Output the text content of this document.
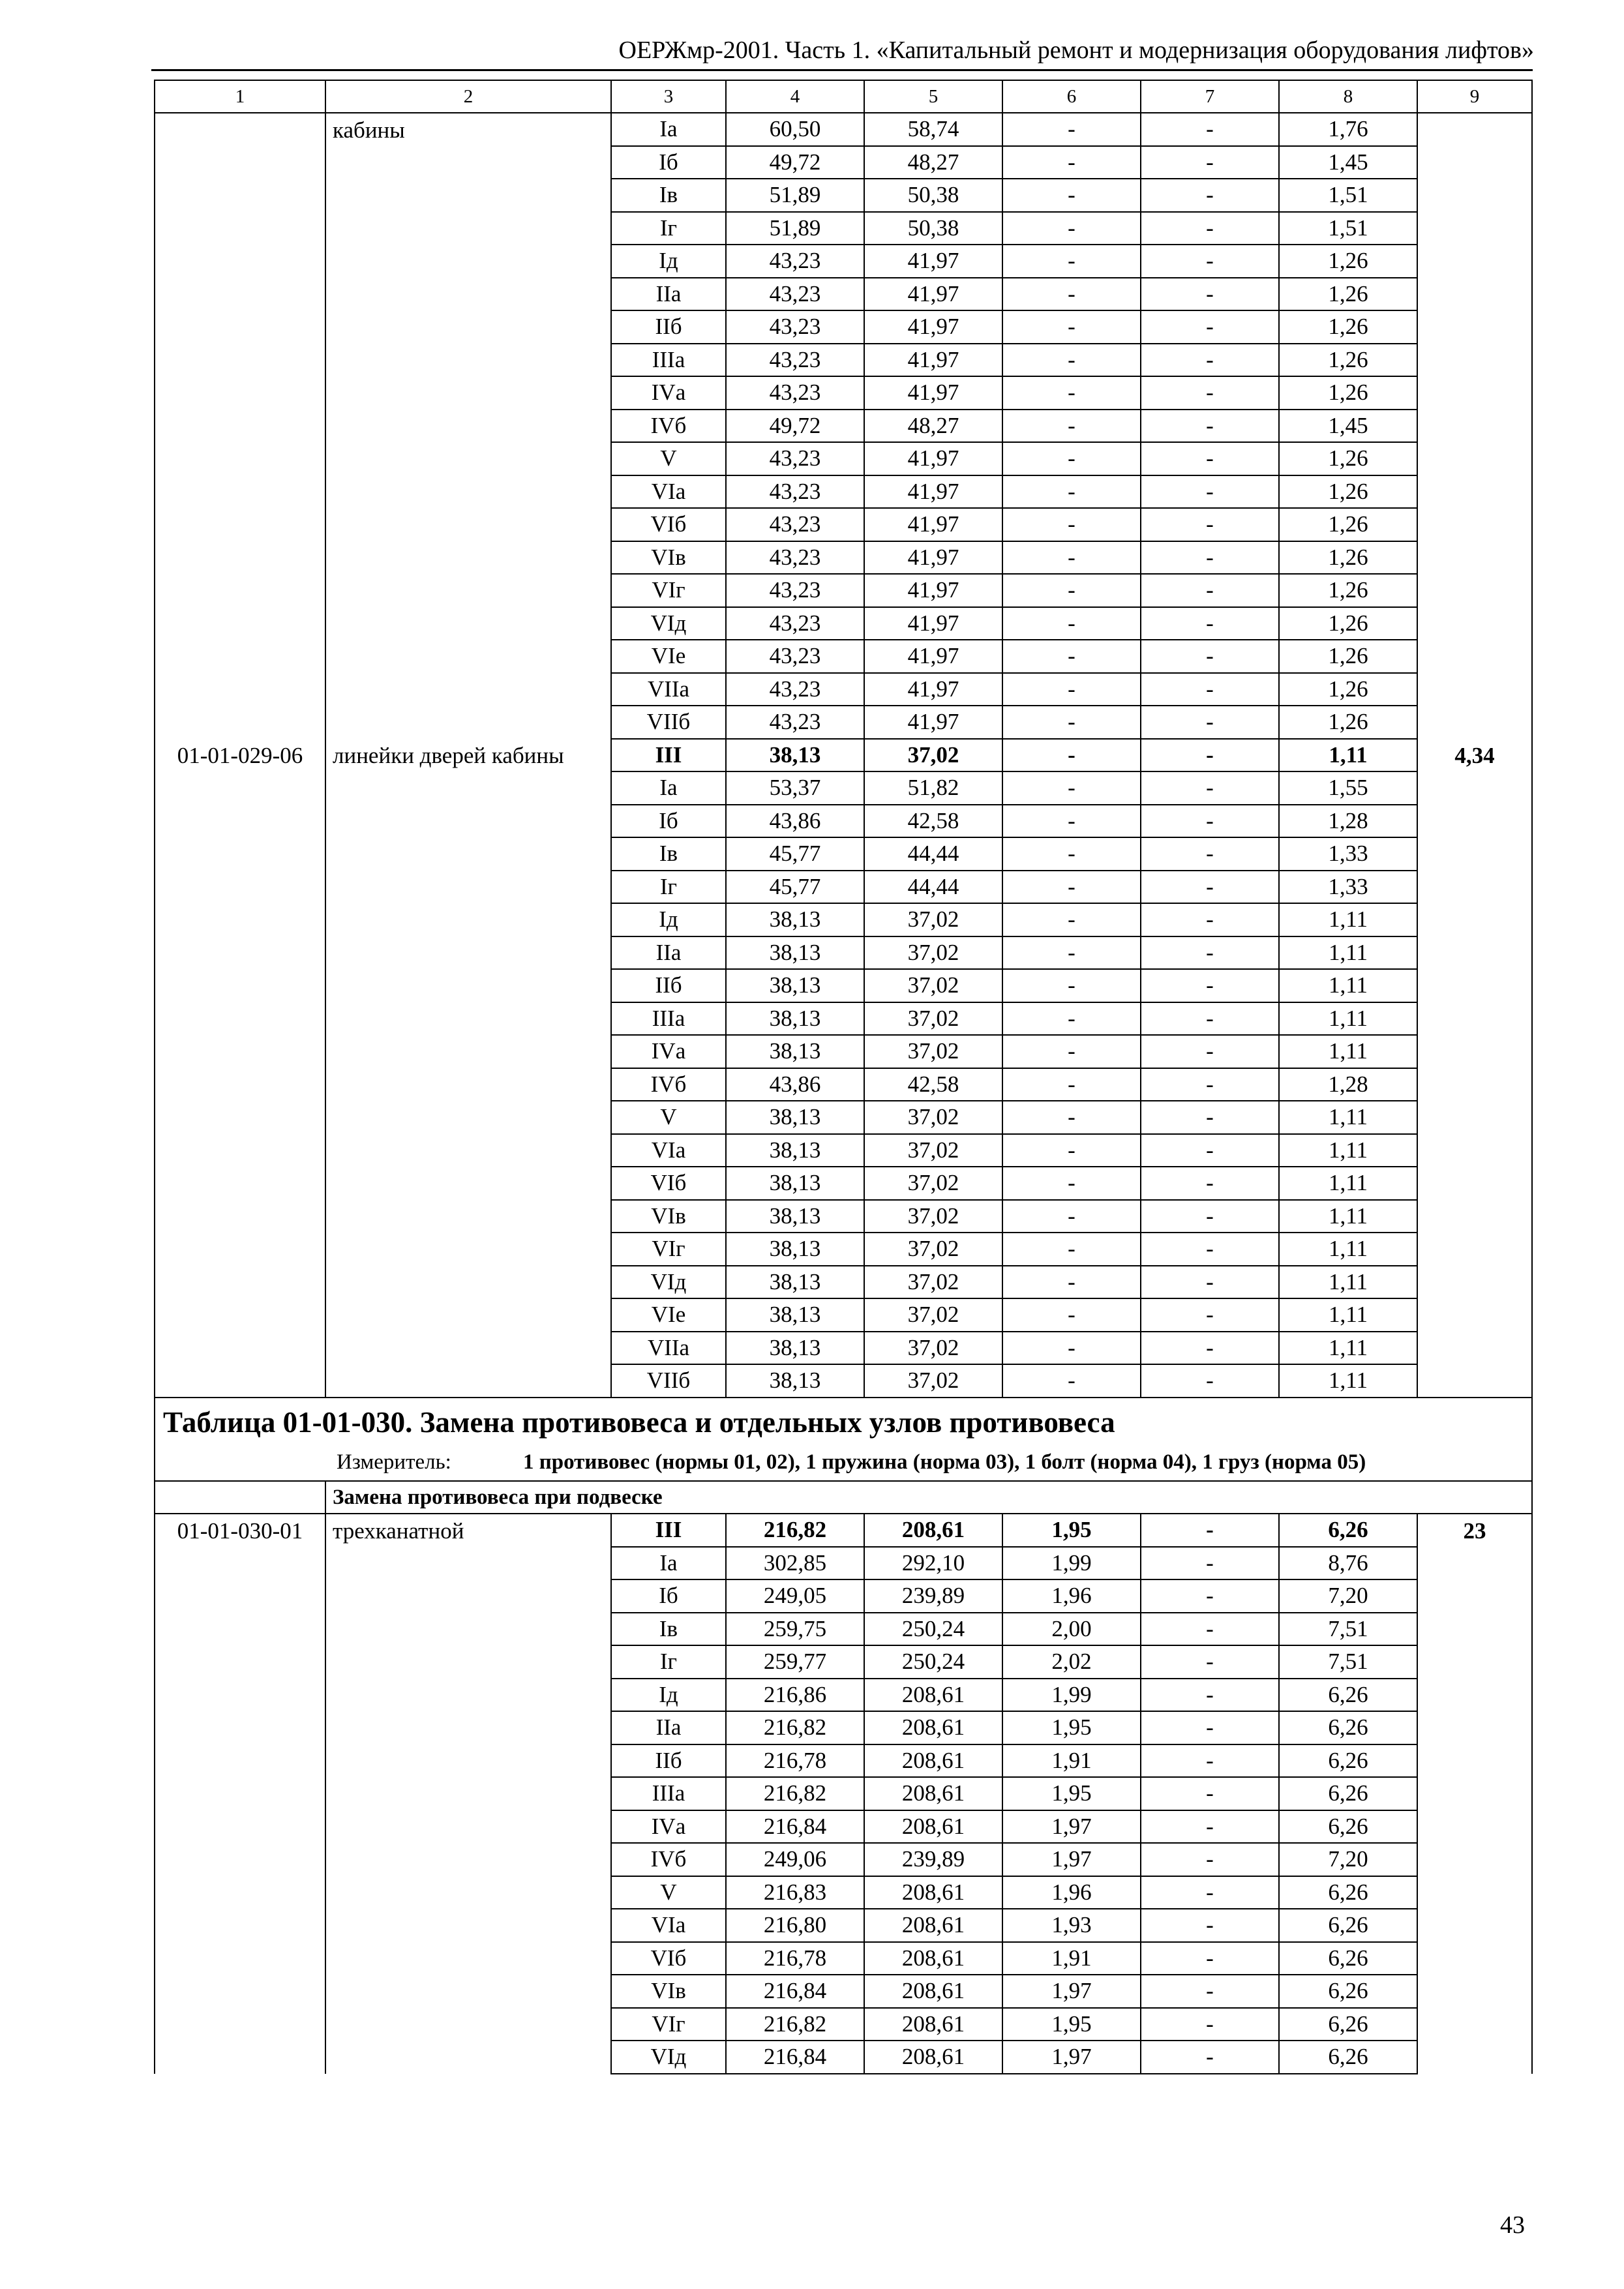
ОЕРЖмр-2001. Часть 1. «Капитальный ремонт и модернизация оборудования лифтов»
1	2	3	4	5	6	7	8	9
	кабины	Iа	60,50	58,74	-	-	1,76	
		Iб	49,72	48,27	-	-	1,45	
		Iв	51,89	50,38	-	-	1,51	
		Iг	51,89	50,38	-	-	1,51	
		Iд	43,23	41,97	-	-	1,26	
		IIа	43,23	41,97	-	-	1,26	
		IIб	43,23	41,97	-	-	1,26	
		IIIа	43,23	41,97	-	-	1,26	
		IVа	43,23	41,97	-	-	1,26	
		IVб	49,72	48,27	-	-	1,45	
		V	43,23	41,97	-	-	1,26	
		VIа	43,23	41,97	-	-	1,26	
		VIб	43,23	41,97	-	-	1,26	
		VIв	43,23	41,97	-	-	1,26	
		VIг	43,23	41,97	-	-	1,26	
		VIд	43,23	41,97	-	-	1,26	
		VIе	43,23	41,97	-	-	1,26	
		VIIа	43,23	41,97	-	-	1,26	
		VIIб	43,23	41,97	-	-	1,26	
01-01-029-06	линейки дверей кабины	III	38,13	37,02	-	-	1,11	4,34
		Iа	53,37	51,82	-	-	1,55	
		Iб	43,86	42,58	-	-	1,28	
		Iв	45,77	44,44	-	-	1,33	
		Iг	45,77	44,44	-	-	1,33	
		Iд	38,13	37,02	-	-	1,11	
		IIа	38,13	37,02	-	-	1,11	
		IIб	38,13	37,02	-	-	1,11	
		IIIа	38,13	37,02	-	-	1,11	
		IVа	38,13	37,02	-	-	1,11	
		IVб	43,86	42,58	-	-	1,28	
		V	38,13	37,02	-	-	1,11	
		VIа	38,13	37,02	-	-	1,11	
		VIб	38,13	37,02	-	-	1,11	
		VIв	38,13	37,02	-	-	1,11	
		VIг	38,13	37,02	-	-	1,11	
		VIд	38,13	37,02	-	-	1,11	
		VIе	38,13	37,02	-	-	1,11	
		VIIа	38,13	37,02	-	-	1,11	
		VIIб	38,13	37,02	-	-	1,11	
Таблица 01-01-030. Замена противовеса и отдельных узлов противовеса
Измеритель: 1 противовес (нормы 01, 02), 1 пружина (норма 03), 1 болт (норма 04), 1 груз (норма 05)								

	Замена противовеса при подвеске							
01-01-030-01	трехканатной	III	216,82	208,61	1,95	-	6,26	23
		Iа	302,85	292,10	1,99	-	8,76	
		Iб	249,05	239,89	1,96	-	7,20	
		Iв	259,75	250,24	2,00	-	7,51	
		Iг	259,77	250,24	2,02	-	7,51	
		Iд	216,86	208,61	1,99	-	6,26	
		IIа	216,82	208,61	1,95	-	6,26	
		IIб	216,78	208,61	1,91	-	6,26	
		IIIа	216,82	208,61	1,95	-	6,26	
		IVа	216,84	208,61	1,97	-	6,26	
		IVб	249,06	239,89	1,97	-	7,20	
		V	216,83	208,61	1,96	-	6,26	
		VIа	216,80	208,61	1,93	-	6,26	
		VIб	216,78	208,61	1,91	-	6,26	
		VIв	216,84	208,61	1,97	-	6,26	
		VIг	216,82	208,61	1,95	-	6,26	
		VIд	216,84	208,61	1,97	-	6,26	
43
